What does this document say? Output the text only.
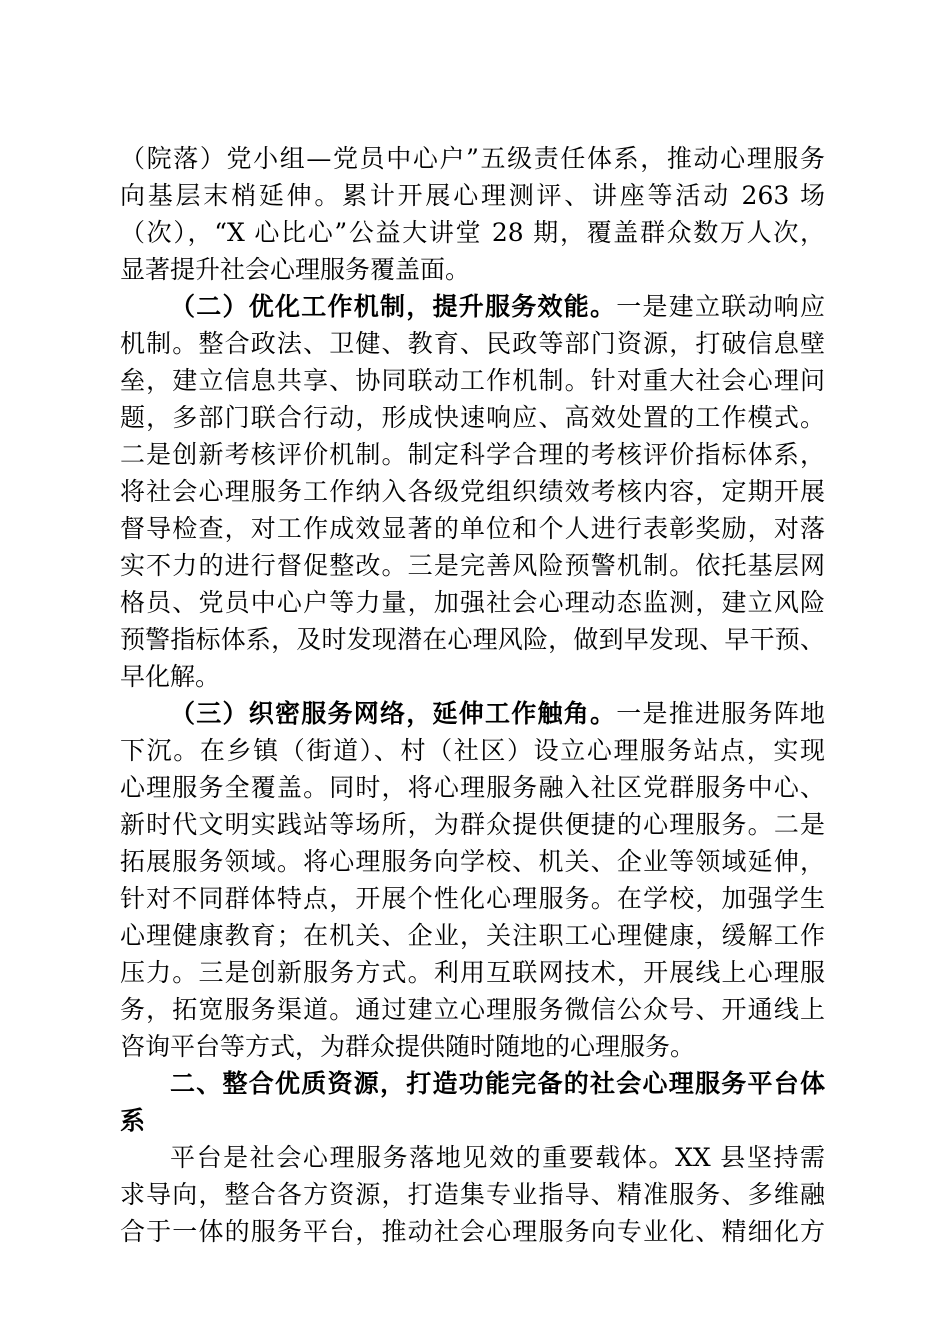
（院落）党小组—党员中心户”五级责任体系，推动心理服务
向基层末梢延伸。累计开展心理测评、讲座等活动 263 场
（次），“X 心比心”公益大讲堂 28 期，覆盖群众数万人次，
显著提升社会心理服务覆盖面。
（二）优化工作机制，提升服务效能。一是建立联动响应
机制。整合政法、卫健、教育、民政等部门资源，打破信息壁
垒，建立信息共享、协同联动工作机制。针对重大社会心理问
题，多部门联合行动，形成快速响应、高效处置的工作模式。
二是创新考核评价机制。制定科学合理的考核评价指标体系，
将社会心理服务工作纳入各级党组织绩效考核内容，定期开展
督导检查，对工作成效显著的单位和个人进行表彰奖励，对落
实不力的进行督促整改。三是完善风险预警机制。依托基层网
格员、党员中心户等力量，加强社会心理动态监测，建立风险
预警指标体系，及时发现潜在心理风险，做到早发现、早干预、
早化解。
（三）织密服务网络，延伸工作触角。一是推进服务阵地
下沉。在乡镇（街道）、村（社区）设立心理服务站点，实现
心理服务全覆盖。同时，将心理服务融入社区党群服务中心、
新时代文明实践站等场所，为群众提供便捷的心理服务。二是
拓展服务领域。将心理服务向学校、机关、企业等领域延伸，
针对不同群体特点，开展个性化心理服务。在学校，加强学生
心理健康教育；在机关、企业，关注职工心理健康，缓解工作
压力。三是创新服务方式。利用互联网技术，开展线上心理服
务，拓宽服务渠道。通过建立心理服务微信公众号、开通线上
咨询平台等方式，为群众提供随时随地的心理服务。
二、整合优质资源，打造功能完备的社会心理服务平台体
系
平台是社会心理服务落地见效的重要载体。XX 县坚持需
求导向，整合各方资源，打造集专业指导、精准服务、多维融
合于一体的服务平台，推动社会心理服务向专业化、精细化方
